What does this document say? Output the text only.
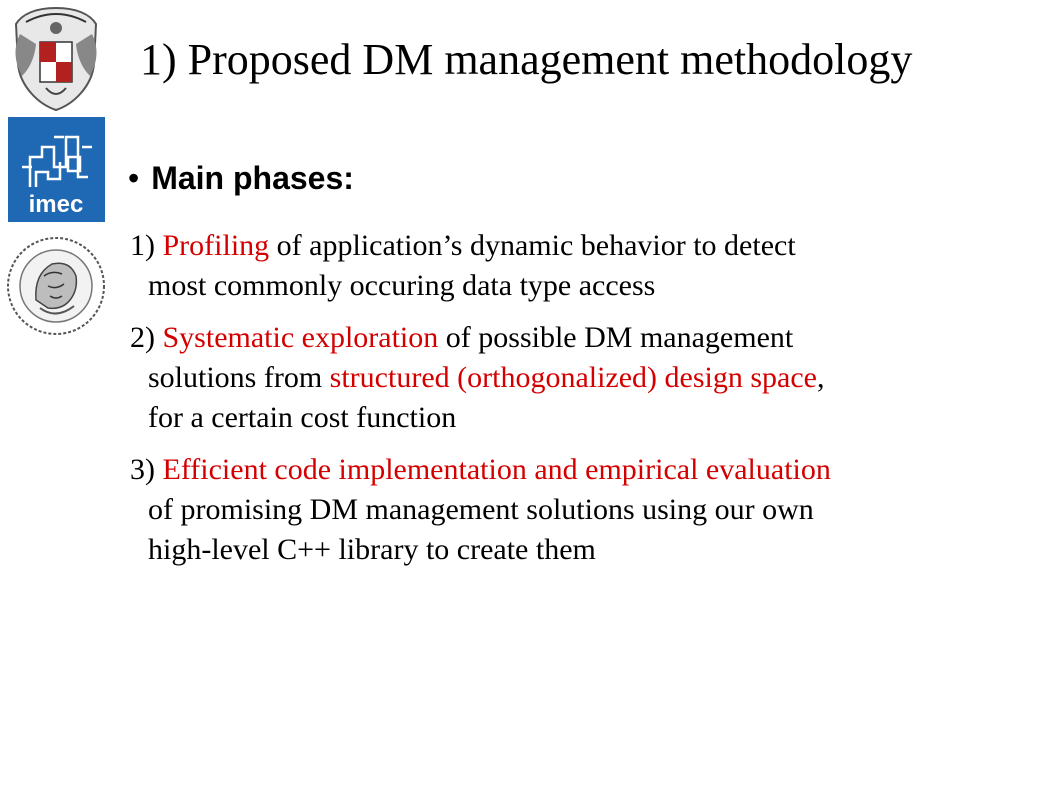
imec
1) Proposed DM management methodology
• Main phases:
1) Profiling of application’s dynamic behavior to detect
most commonly occuring data type access
2) Systematic exploration of possible DM management
solutions from structured (orthogonalized) design space,
for a certain cost function
3) Efficient code implementation and empirical evaluation
of promising DM management solutions using our own
high-level C++ library to create them
